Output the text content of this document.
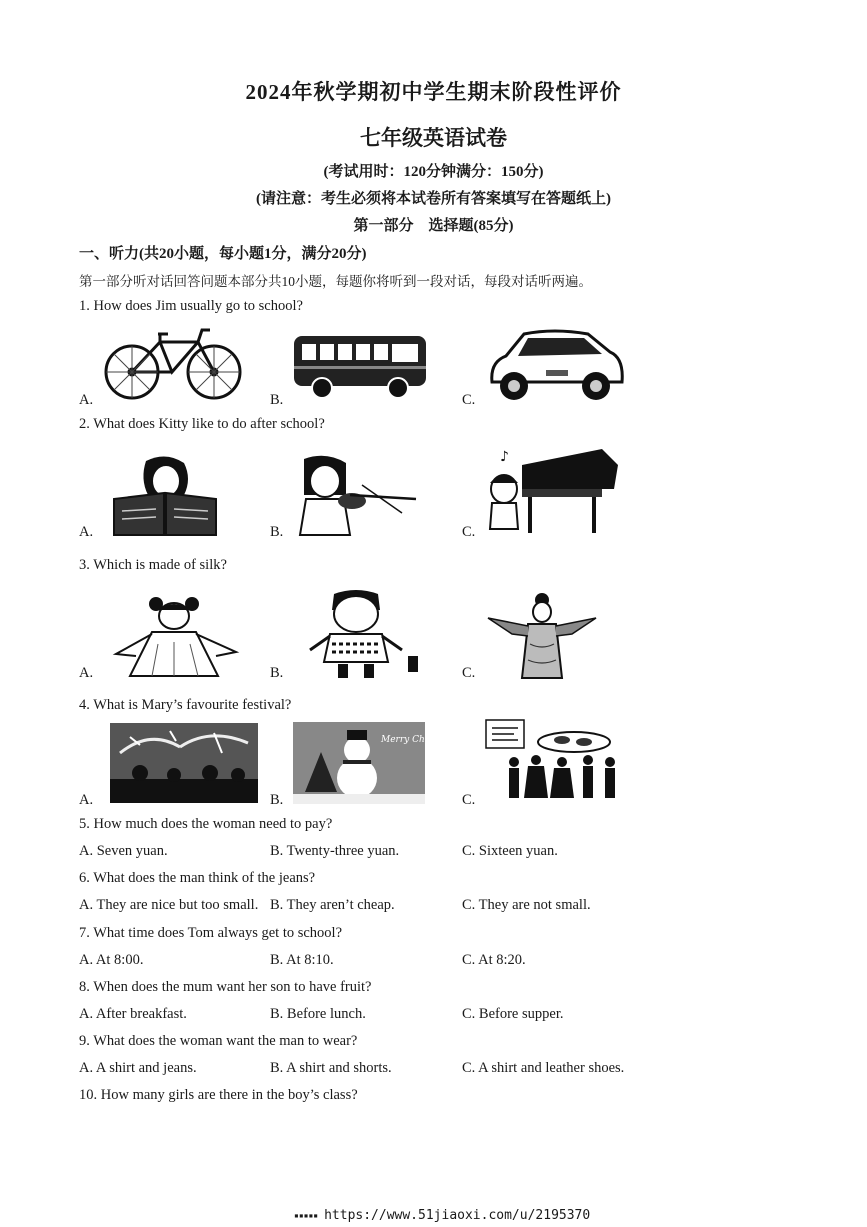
2024年秋学期初中学生期末阶段性评价
七年级英语试卷
(考试用时：120分钟满分：150分)
(请注意：考生必须将本试卷所有答案填写在答题纸上)
第一部分　选择题(85分)
一、听力(共20小题，每小题1分，满分20分)
第一部分听对话回答问题本部分共10小题，每题你将听到一段对话，每段对话听两遍。
1. How does Jim usually go to school?
A.	B.	C.
2. What does Kitty like to do after school?
A.	B.	C.
♪
3. Which is made of silk?
A.	B.	C.
4. What is Mary’s favourite festival?
A.	B.	C.
Merry Christmas
5. How much does the woman need to pay?
A. Seven yuan.	B. Twenty-three yuan.	C. Sixteen yuan.
6. What does the man think of the jeans?
A. They are nice but too small. B. They aren’t cheap.	C. They are not small.
7. What time does Tom always get to school?
A. At 8:00.	B. At 8:10.	C. At 8:20.
8. When does the mum want her son to have fruit?
A. After breakfast.	B. Before lunch.	C. Before supper.
9. What does the woman want the man to wear?
A. A shirt and jeans.	B. A shirt and shorts.	C. A shirt and leather shoes.
10. How many girls are there in the boy’s class?
▪▪▪▪▪ https://www.51jiaoxi.com/u/2195370
